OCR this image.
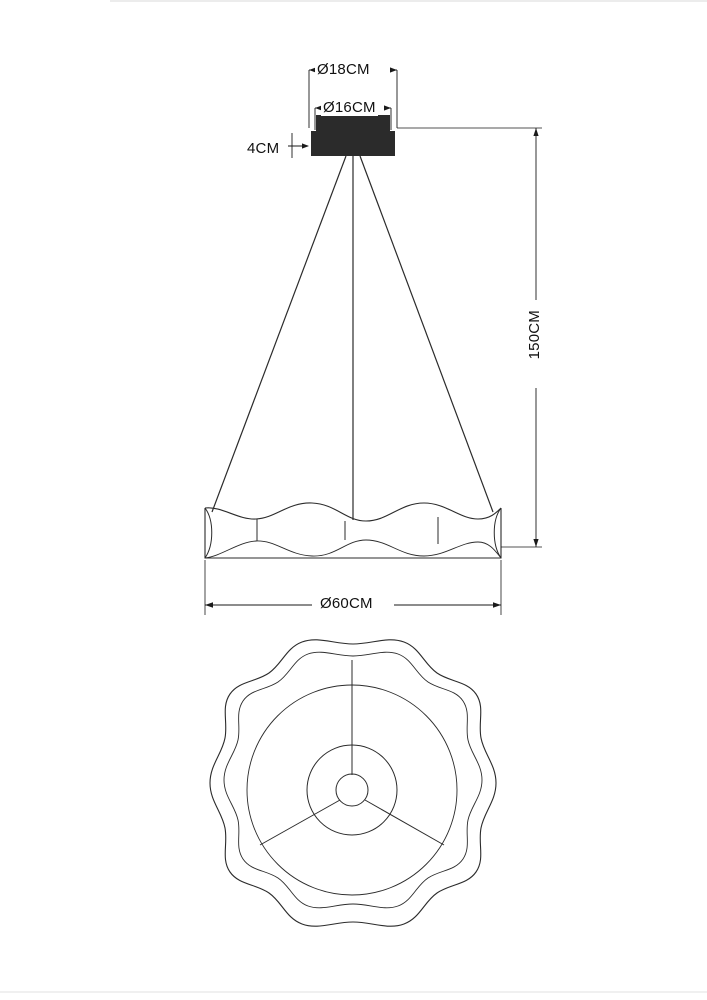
Ø18CM
Ø16CM
4CM
150CM
Ø60CM
